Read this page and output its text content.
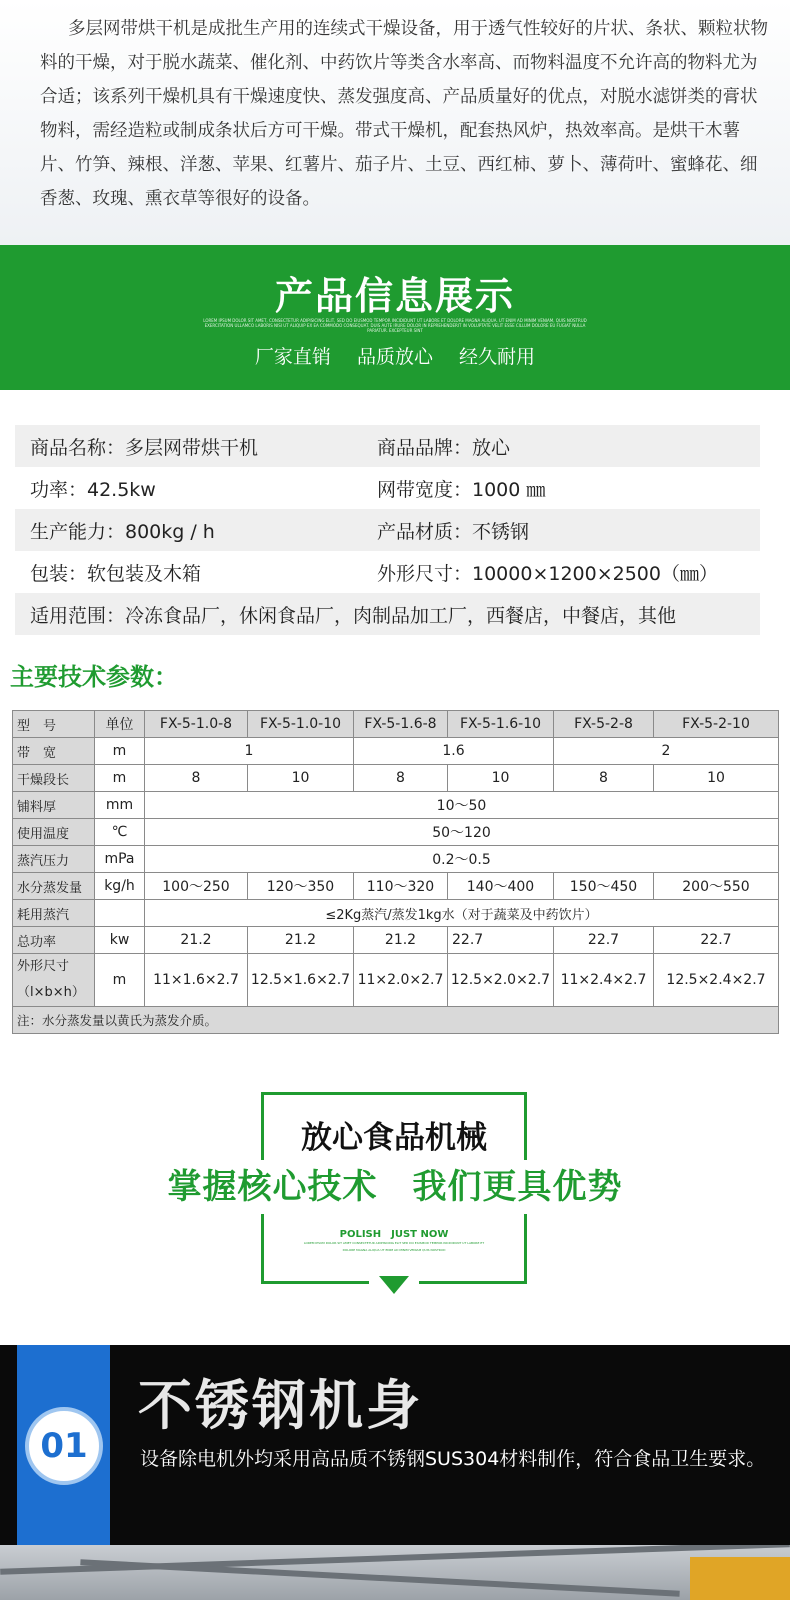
多层网带烘干机是成批生产用的连续式干燥设备，用于透气性较好的片状、条状、颗粒状物料的干燥，对于脱水蔬菜、催化剂、中药饮片等类含水率高、而物料温度不允许高的物料尤为合适；该系列干燥机具有干燥速度快、蒸发强度高、产品质量好的优点，对脱水滤饼类的膏状物料，需经造粒或制成条状后方可干燥。带式干燥机，配套热风炉，热效率高。是烘干木薯片、竹笋、辣根、洋葱、苹果、红薯片、茄子片、土豆、西红柿、萝卜、薄荷叶、蜜蜂花、细香葱、玫瑰、熏衣草等很好的设备。

产品信息展示
LOREM IPSUM DOLOR SIT AMET, CONSECTETUR ADIPISICING ELIT, SED DO EIUSMOD TEMPOR INCIDIDUNT UT LABORE ET DOLORE MAGNA ALIQUA. UT ENIM AD MINIM VENIAM, QUIS NOSTRUD EXERCITATION ULLAMCO LABORIS NISI UT ALIQUIP EX EA COMMODO CONSEQUAT. DUIS AUTE IRURE DOLOR IN REPREHENDERIT IN VOLUPTATE VELIT ESSE CILLUM DOLORE EU FUGIAT NULLA PARIATUR. EXCEPTEUR SINT
厂家直销 品质放心 经久耐用
商品名称：多层网带烘干机	商品品牌：放心
功率：42.5kw	网带宽度：1000 ㎜
生产能力：800kg / h	产品材质：不锈钢
包装：软包装及木箱	外形尺寸：10000×1200×2500（㎜）
适用范围：冷冻食品厂，休闲食品厂，肉制品加工厂，西餐店，中餐店，其他
主要技术参数：
型　号	单位	FX-5-1.0-8	FX-5-1.0-10	FX-5-1.6-8	FX-5-1.6-10	FX-5-2-8	FX-5-2-10
带　宽	m	1		1.6		2	
干燥段长	m	8	10	8	10	8	10
铺料厚	mm	10～50					
使用温度	℃	50～120					
蒸汽压力	mPa	0.2～0.5					
水分蒸发量	kg/h	100～250	120～350	110～320	140～400	150～450	200～550
耗用蒸汽		≤2Kg蒸汽/蒸发1kg水（对于蔬菜及中药饮片）					
总功率	kw	21.2	21.2	21.2	22.7	22.7	22.7

外形尺寸
（l×b×h）	m	11×1.6×2.7	12.5×1.6×2.7	11×2.0×2.7	12.5×2.0×2.7	11×2.4×2.7	12.5×2.4×2.7
注：水分蒸发量以黄氏为蒸发介质。							
放心食品机械
掌握核心技术　我们更具优势
POLISH　JUST NOW
LOREM IPSUM DOLOR SIT AMET CONSECTETUR ADIPISICING ELIT SED DO EIUSMOD TEMPOR INCIDIDUNT UT LABORE ET DOLORE MAGNA ALIQUA UT ENIM AD MINIM VENIAM QUIS NOSTRUD
01
不锈钢机身
设备除电机外均采用高品质不锈钢SUS304材料制作，符合食品卫生要求。
